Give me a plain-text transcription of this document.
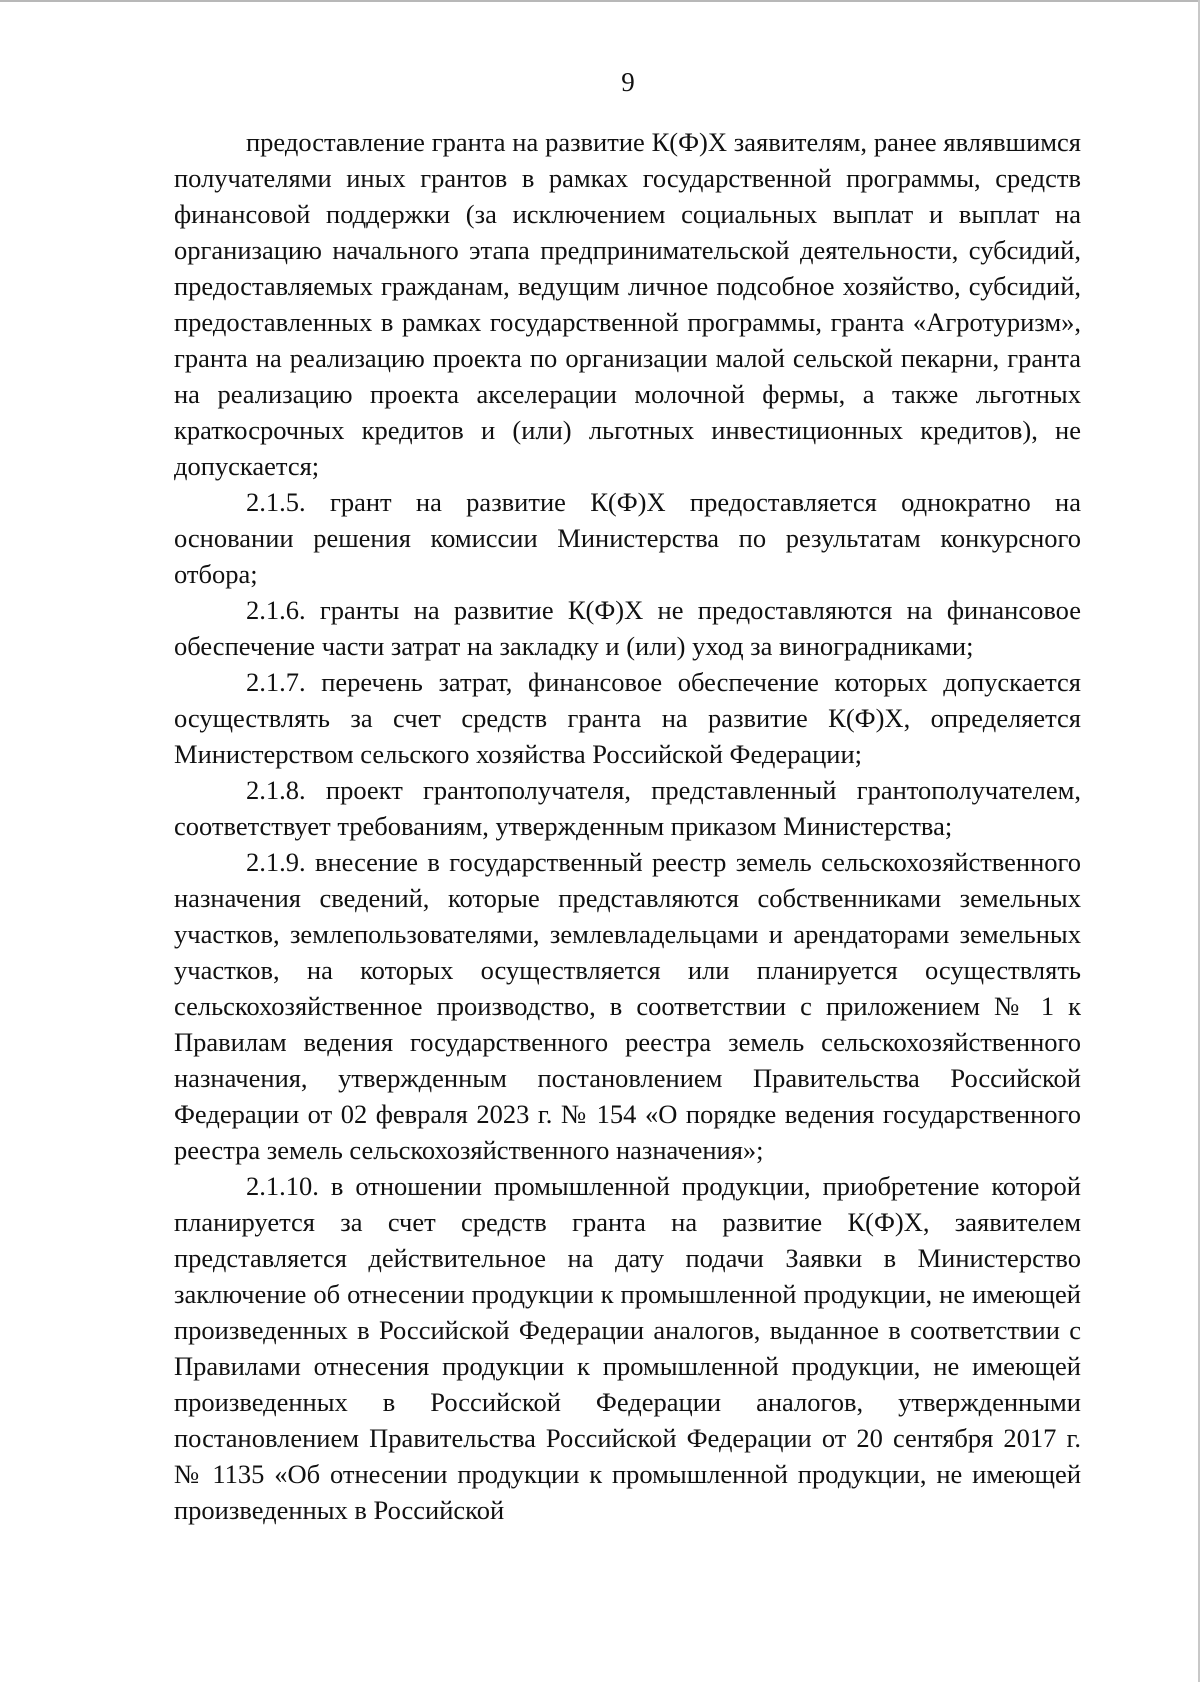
9

предоставление гранта на развитие К(Ф)Х заявителям, ранее являвшимся получателями иных грантов в рамках государственной программы, средств финансовой поддержки (за исключением социальных выплат и выплат на организацию начального этапа предпринимательской деятельности, субсидий, предоставляемых гражданам, ведущим личное подсобное хозяйство, субсидий, предоставленных в рамках государственной программы, гранта «Агротуризм», гранта на реализацию проекта по организации малой сельской пекарни, гранта на реализацию проекта акселерации молочной фермы, а также льготных краткосрочных кредитов и (или) льготных инвестиционных кредитов), не допускается;

2.1.5. грант на развитие К(Ф)Х предоставляется однократно на основании решения комиссии Министерства по результатам конкурсного отбора;

2.1.6. гранты на развитие К(Ф)Х не предоставляются на финансовое обеспечение части затрат на закладку и (или) уход за виноградниками;

2.1.7. перечень затрат, финансовое обеспечение которых допускается осуществлять за счет средств гранта на развитие К(Ф)Х, определяется Министерством сельского хозяйства Российской Федерации;

2.1.8. проект грантополучателя, представленный грантополучателем, соответствует требованиям, утвержденным приказом Министерства;

2.1.9. внесение в государственный реестр земель сельскохозяйственного назначения сведений, которые представляются собственниками земельных участков, землепользователями, землевладельцами и арендаторами земельных участков, на которых осуществляется или планируется осуществлять сельскохозяйственное производство, в соответствии с приложением № 1 к Правилам ведения государственного реестра земель сельскохозяйственного назначения, утвержденным постановлением Правительства Российской Федерации от 02 февраля 2023 г. № 154 «О порядке ведения государственного реестра земель сельскохозяйственного назначения»;

2.1.10. в отношении промышленной продукции, приобретение которой планируется за счет средств гранта на развитие К(Ф)Х, заявителем представляется действительное на дату подачи Заявки в Министерство заключение об отнесении продукции к промышленной продукции, не имеющей произведенных в Российской Федерации аналогов, выданное в соответствии с Правилами отнесения продукции к промышленной продукции, не имеющей произведенных в Российской Федерации аналогов, утвержденными постановлением Правительства Российской Федерации от 20 сентября 2017 г. № 1135 «Об отнесении продукции к промышленной продукции, не имеющей произведенных в Российской
